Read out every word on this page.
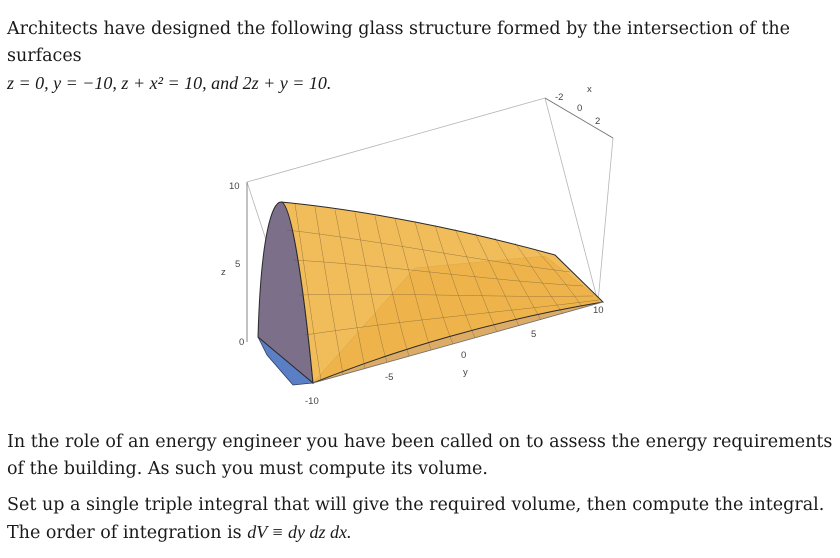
Architects have designed the following glass structure formed by the intersection of the surfaces
z = 0, y = −10, z + x² = 10, and 2z + y = 10.

10
5
0
z
-10
-5
0
5
10
y
-2
0
2
x

In the role of an energy engineer you have been called on to assess the energy requirements of the building. As such you must compute its volume.

Set up a single triple integral that will give the required volume, then compute the integral. The order of integration is dV ≡ dy dz dx.
